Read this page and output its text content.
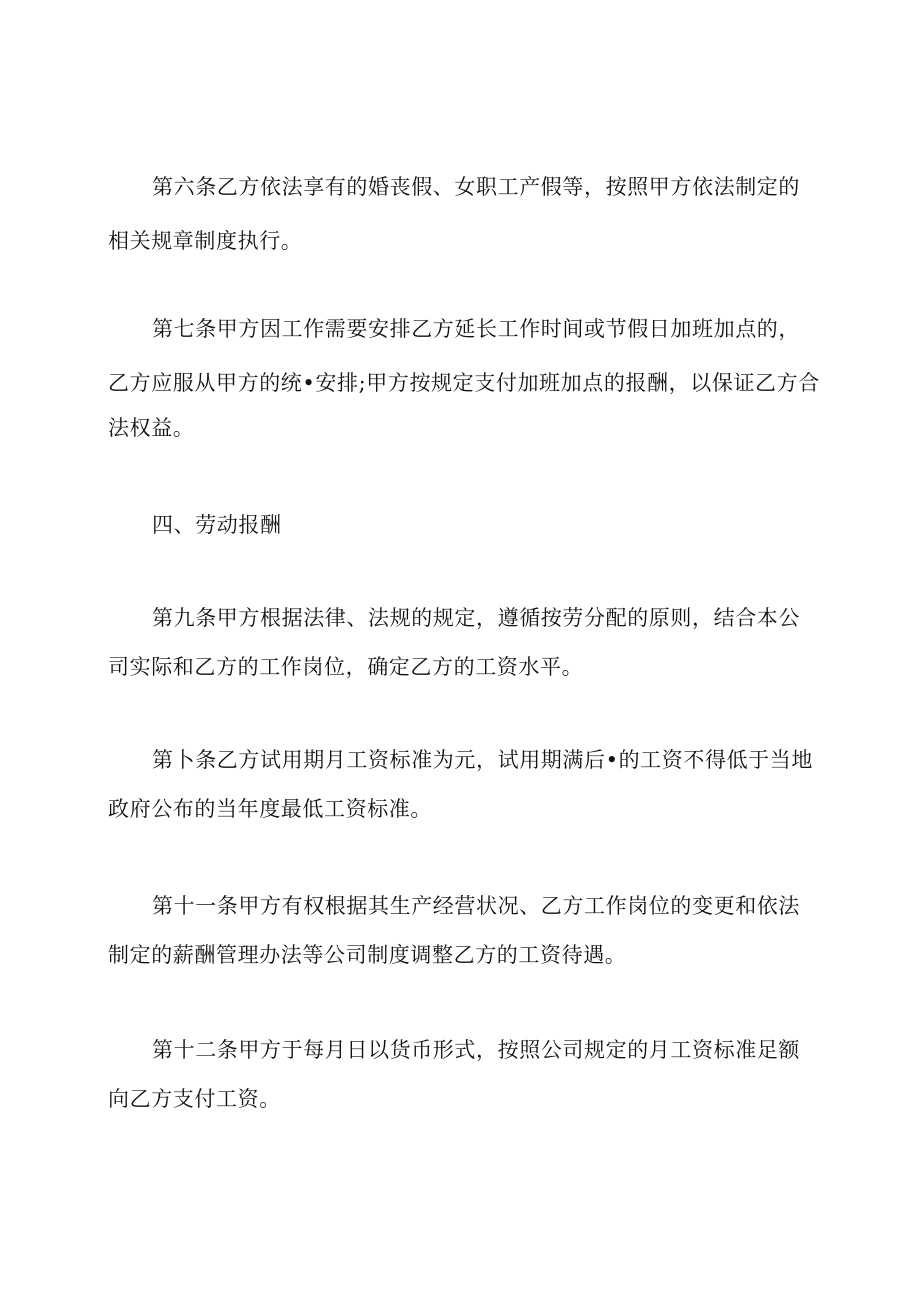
第六条乙方依法享有的婚丧假、女职工产假等，按照甲方依法制定的
相关规章制度执行。
第七条甲方因工作需要安排乙方延长工作时间或节假日加班加点的，
乙方应服从甲方的统•安排;甲方按规定支付加班加点的报酬，以保证乙方合
法权益。
四、劳动报酬
第九条甲方根据法律、法规的规定，遵循按劳分配的原则，结合本公
司实际和乙方的工作岗位，确定乙方的工资水平。
第卜条乙方试用期月工资标准为元，试用期满后•的工资不得低于当地
政府公布的当年度最低工资标准。
第十一条甲方有权根据其生产经营状况、乙方工作岗位的变更和依法
制定的薪酬管理办法等公司制度调整乙方的工资待遇。
第十二条甲方于每月日以货币形式，按照公司规定的月工资标准足额
向乙方支付工资。
